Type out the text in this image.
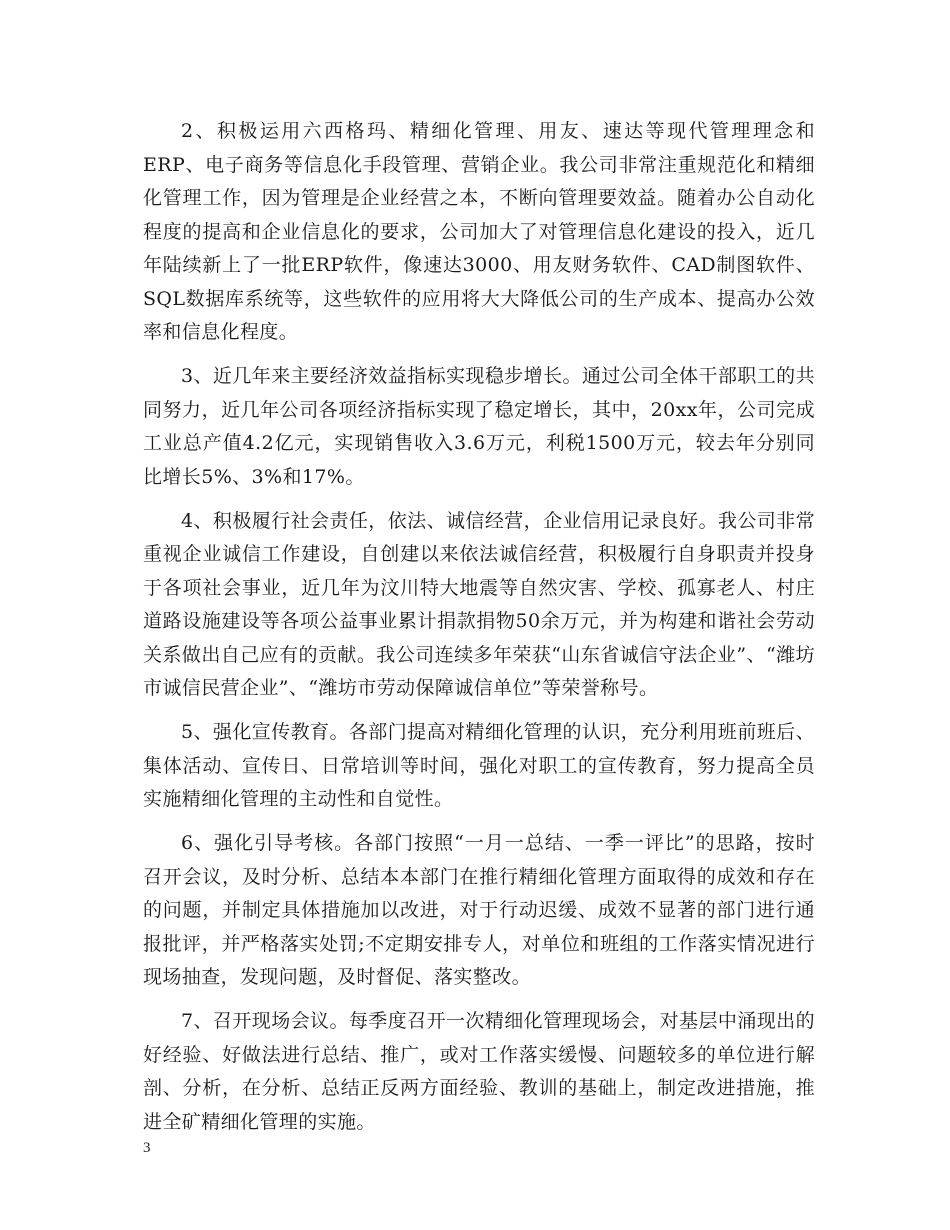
2、积极运用六西格玛、精细化管理、用友、速达等现代管理理念和ERP、电子商务等信息化手段管理、营销企业。我公司非常注重规范化和精细化管理工作，因为管理是企业经营之本，不断向管理要效益。随着办公自动化程度的提高和企业信息化的要求，公司加大了对管理信息化建设的投入，近几年陆续新上了一批ERP软件，像速达3000、用友财务软件、CAD制图软件、SQL数据库系统等，这些软件的应用将大大降低公司的生产成本、提高办公效率和信息化程度。

3、近几年来主要经济效益指标实现稳步增长。通过公司全体干部职工的共同努力，近几年公司各项经济指标实现了稳定增长，其中，20xx年，公司完成工业总产值4.2亿元，实现销售收入3.6万元，利税1500万元，较去年分别同比增长5%、3%和17%。

4、积极履行社会责任，依法、诚信经营，企业信用记录良好。我公司非常重视企业诚信工作建设，自创建以来依法诚信经营，积极履行自身职责并投身于各项社会事业，近几年为汶川特大地震等自然灾害、学校、孤寡老人、村庄道路设施建设等各项公益事业累计捐款捐物50余万元，并为构建和谐社会劳动关系做出自己应有的贡献。我公司连续多年荣获“山东省诚信守法企业”、“潍坊市诚信民营企业”、“潍坊市劳动保障诚信单位”等荣誉称号。

5、强化宣传教育。各部门提高对精细化管理的认识，充分利用班前班后、集体活动、宣传日、日常培训等时间，强化对职工的宣传教育，努力提高全员实施精细化管理的主动性和自觉性。

6、强化引导考核。各部门按照“一月一总结、一季一评比”的思路，按时召开会议，及时分析、总结本本部门在推行精细化管理方面取得的成效和存在的问题，并制定具体措施加以改进，对于行动迟缓、成效不显著的部门进行通报批评，并严格落实处罚;不定期安排专人，对单位和班组的工作落实情况进行现场抽查，发现问题，及时督促、落实整改。

7、召开现场会议。每季度召开一次精细化管理现场会，对基层中涌现出的好经验、好做法进行总结、推广，或对工作落实缓慢、问题较多的单位进行解剖、分析，在分析、总结正反两方面经验、教训的基础上，制定改进措施，推进全矿精细化管理的实施。

3
